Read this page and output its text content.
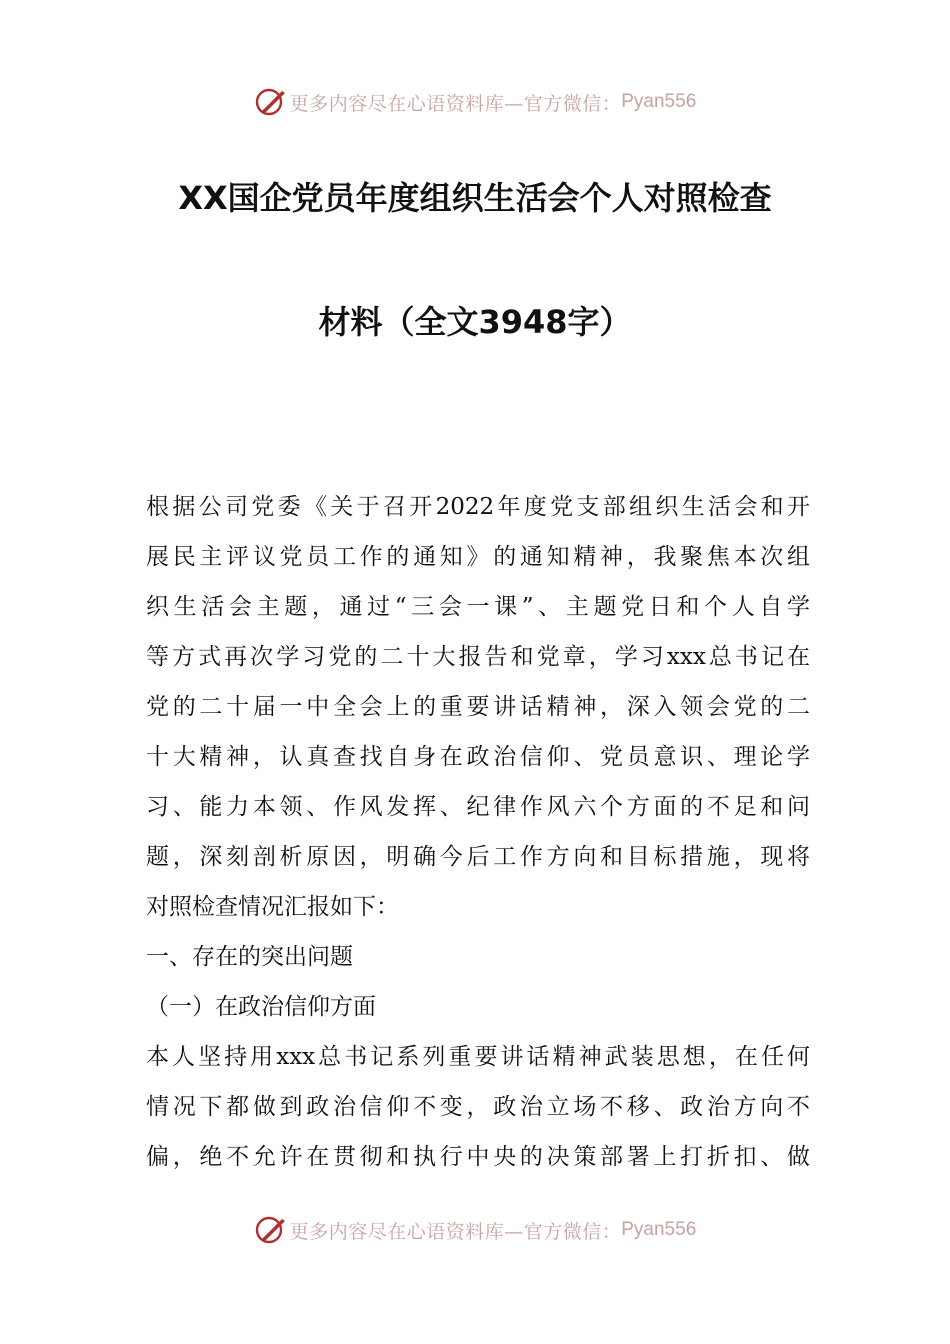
更多内容尽在心语资料库—官方微信： Pyan556
XX国企党员年度组织生活会个人对照检查
材料（全文3948字）
根据公司党委《关于召开2022年度党支部组织生活会和开
展民主评议党员工作的通知》的通知精神，我聚焦本次组
织生活会主题，通过“三会一课”、主题党日和个人自学
等方式再次学习党的二十大报告和党章，学习xxx总书记在
党的二十届一中全会上的重要讲话精神，深入领会党的二
十大精神，认真查找自身在政治信仰、党员意识、理论学
习、能力本领、作风发挥、纪律作风六个方面的不足和问
题，深刻剖析原因，明确今后工作方向和目标措施，现将
对照检查情况汇报如下：
一、存在的突出问题
（一）在政治信仰方面
本人坚持用xxx总书记系列重要讲话精神武装思想，在任何
情况下都做到政治信仰不变，政治立场不移、政治方向不
偏，绝不允许在贯彻和执行中央的决策部署上打折扣、做
更多内容尽在心语资料库—官方微信： Pyan556
